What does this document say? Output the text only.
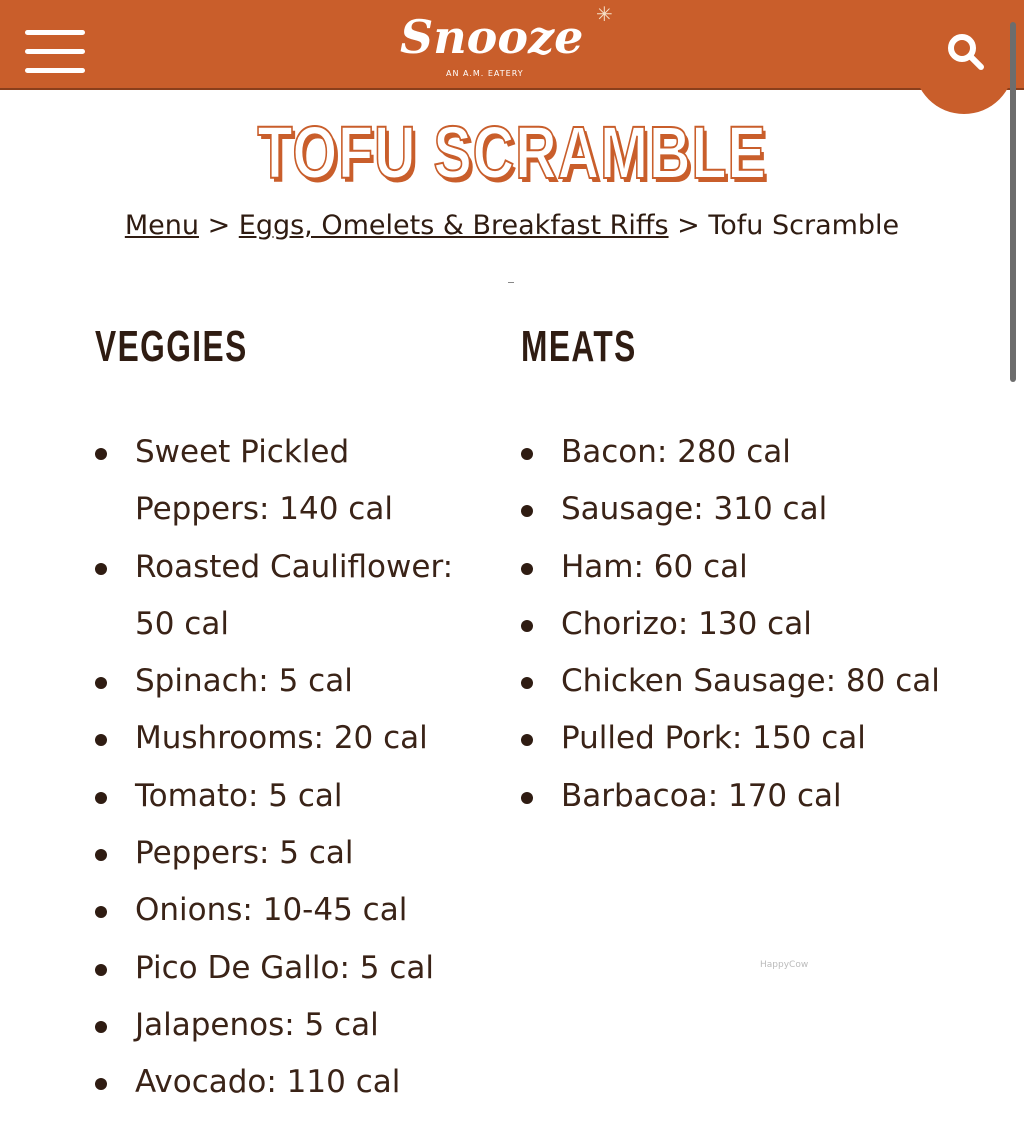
Snooze
AN A.M. EATERY
✳
TOFU SCRAMBLE
Menu > Eggs, Omelets & Breakfast Riffs > Tofu Scramble
VEGGIES
Sweet Pickled Peppers: 140 cal
Roasted Cauliflower: 50 cal
Spinach: 5 cal
Mushrooms: 20 cal
Tomato: 5 cal
Peppers: 5 cal
Onions: 10-45 cal
Pico De Gallo: 5 cal
Jalapenos: 5 cal
Avocado: 110 cal
MEATS
Bacon: 280 cal
Sausage: 310 cal
Ham: 60 cal
Chorizo: 130 cal
Chicken Sausage: 80 cal
Pulled Pork: 150 cal
Barbacoa: 170 cal
HappyCow
